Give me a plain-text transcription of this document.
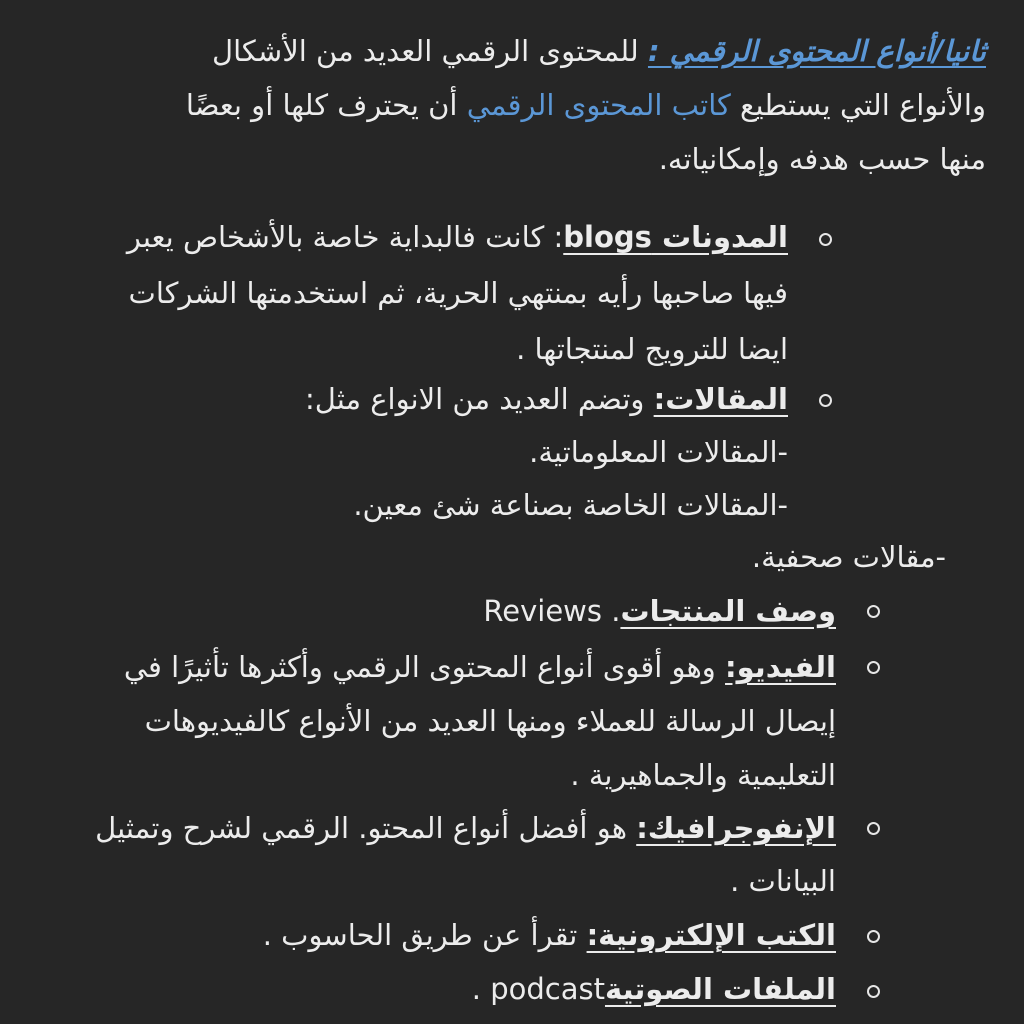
ثانيا/أنواع المحتوى الرقمي : للمحتوى الرقمي العديد من الأشكال
والأنواع التي يستطيع كاتب المحتوى الرقمي أن يحترف كلها أو بعضًا
منها حسب هدفه وإمكانياته.
المدونات blogs: كانت فالبداية خاصة بالأشخاص يعبر
فيها صاحبها رأيه بمنتهي الحرية، ثم استخدمتها الشركات
ايضا للترويج لمنتجاتها .
المقالات: وتضم العديد من الانواع مثل:
-المقالات المعلوماتية.
-المقالات الخاصة بصناعة شئ معين.
-مقالات صحفية.
وصف المنتجات Reviews .
الفيديو: وهو أقوى أنواع المحتوى الرقمي وأكثرها تأثيرًا في
إيصال الرسالة للعملاء ومنها العديد من الأنواع كالفيديوهات
التعليمية والجماهيرية .
الإنفوجرافيك: هو أفضل أنواع المحتو. الرقمي لشرح وتمثيل
البيانات .
الكتب الإلكترونية: تقرأ عن طريق الحاسوب .
الملفات الصوتية . podcast
